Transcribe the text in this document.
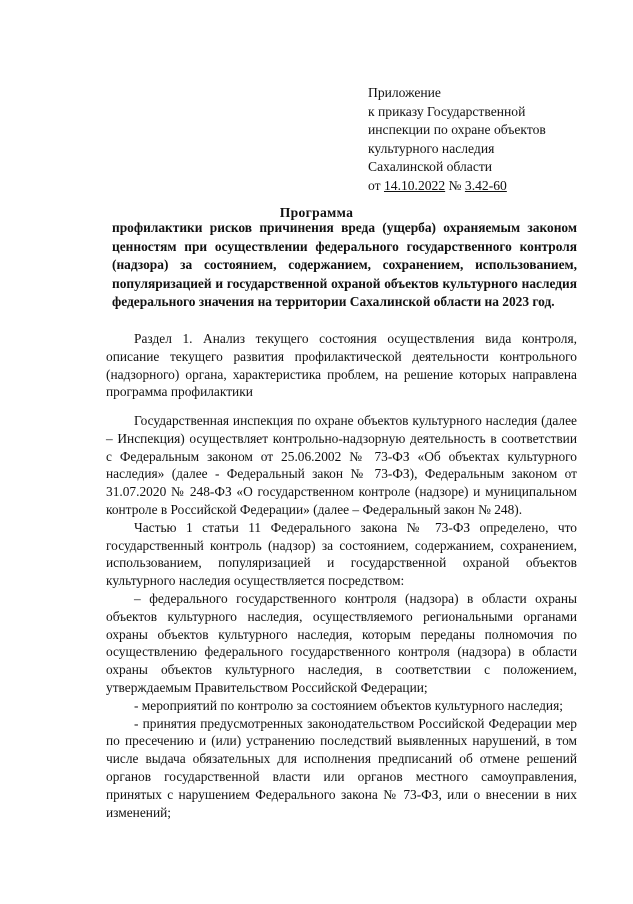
Приложение
к приказу Государственной
инспекции по охране объектов
культурного наследия
Сахалинской области
от 14.10.2022 № 3.42-60
Программа
профилактики рисков причинения вреда (ущерба) охраняемым законом ценностям при осуществлении федерального государственного контроля (надзора) за состоянием, содержанием, сохранением, использованием, популяризацией и государственной охраной объектов культурного наследия федерального значения на территории Сахалинской области на 2023 год.

Раздел 1. Анализ текущего состояния осуществления вида контроля, описание текущего развития профилактической деятельности контрольного (надзорного) органа, характеристика проблем, на решение которых направлена программа профилактики

Государственная инспекция по охране объектов культурного наследия (далее – Инспекция) осуществляет контрольно-надзорную деятельность в соответствии с Федеральным законом от 25.06.2002 № 73-ФЗ «Об объектах культурного наследия» (далее - Федеральный закон № 73-ФЗ), Федеральным законом от 31.07.2020 № 248-ФЗ «О государственном контроле (надзоре) и муниципальном контроле в Российской Федерации» (далее – Федеральный закон № 248).

Частью 1 статьи 11 Федерального закона № 73-ФЗ определено, что государственный контроль (надзор) за состоянием, содержанием, сохранением, использованием, популяризацией и государственной охраной объектов культурного наследия осуществляется посредством:

– федерального государственного контроля (надзора) в области охраны объектов культурного наследия, осуществляемого региональными органами охраны объектов культурного наследия, которым переданы полномочия по осуществлению федерального государственного контроля (надзора) в области охраны объектов культурного наследия, в соответствии с положением, утверждаемым Правительством Российской Федерации;

- мероприятий по контролю за состоянием объектов культурного наследия;

- принятия предусмотренных законодательством Российской Федерации мер по пресечению и (или) устранению последствий выявленных нарушений, в том числе выдача обязательных для исполнения предписаний об отмене решений органов государственной власти или органов местного самоуправления, принятых с нарушением Федерального закона № 73-ФЗ, или о внесении в них изменений;
